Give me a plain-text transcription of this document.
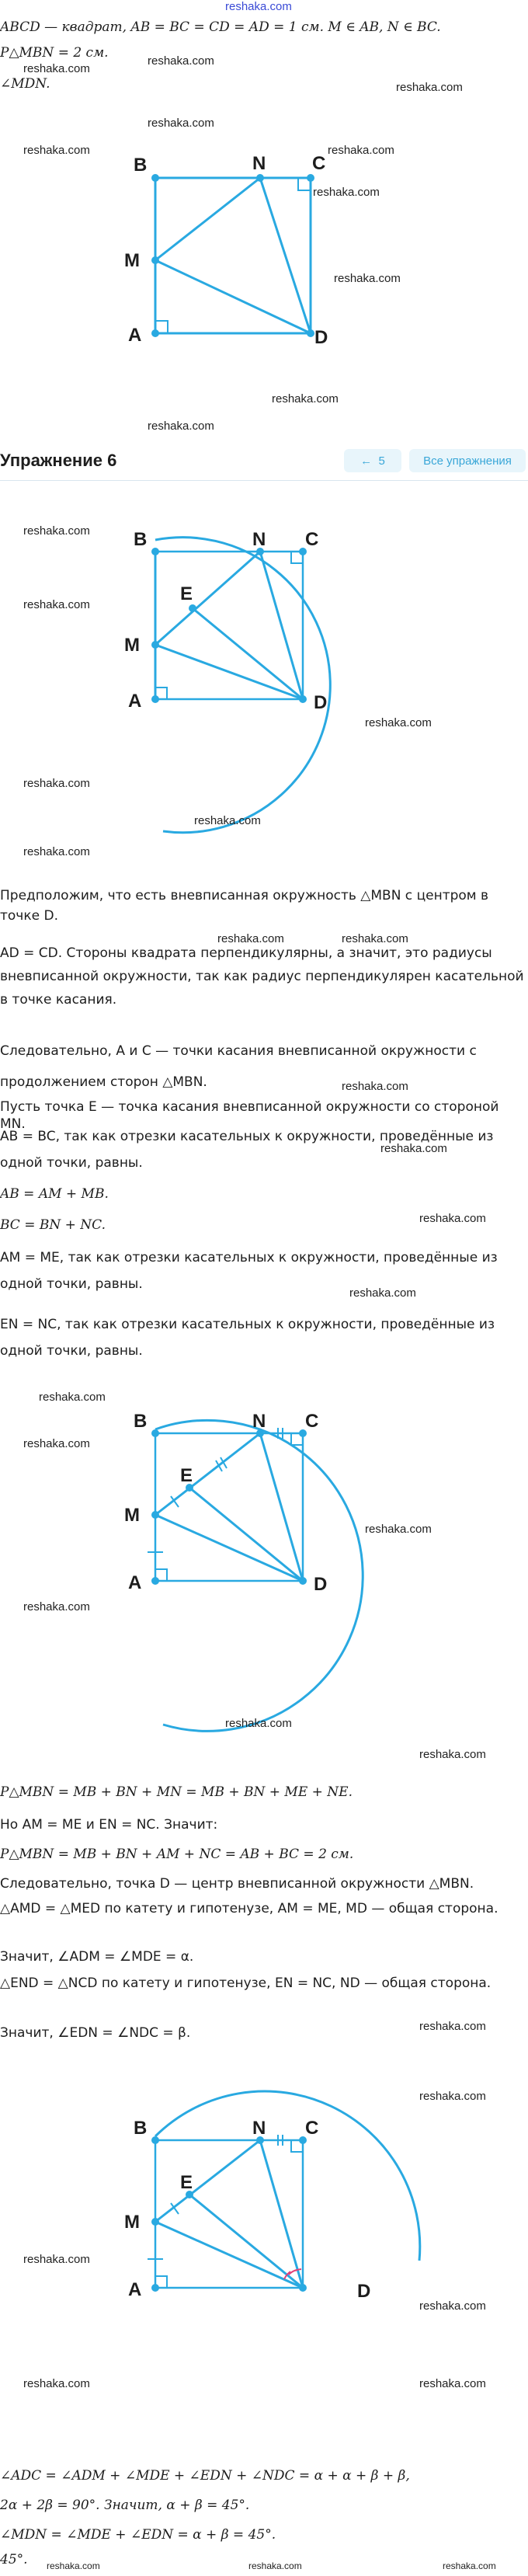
reshaka.com
ABCD — квадрат, AB = BC = CD = AD = 1 см. M ∈ AB, N ∈ BC.
P△MBN = 2 см.
∠MDN.
B	N C
M
A	D
Упражнение 6	← 5	Все упражнения
B	N C
E
M
A	D
Предположим, что есть вневписанная окружность △MBN с центром в точке D.
AD = CD. Стороны квадрата перпендикулярны, а значит, это радиусы вневписанной окружности, так как радиус перпендикулярен касательной в точке касания.
Следовательно, A и C — точки касания вневписанной окружности с продолжением сторон △MBN.
Пусть точка E — точка касания вневписанной окружности со стороной MN.
AB = BC, так как отрезки касательных к окружности, проведённые из одной точки, равны.
AB = AM + MB.
BC = BN + NC.
AM = ME, так как отрезки касательных к окружности, проведённые из одной точки, равны.
EN = NC, так как отрезки касательных к окружности, проведённые из одной точки, равны.
B	N C
E
M
A	D
P△MBN = MB + BN + MN = MB + BN + ME + NE.
Но AM = ME и EN = NC. Значит:
P△MBN = MB + BN + AM + NC = AB + BC = 2 см.
Следовательно, точка D — центр вневписанной окружности △MBN.
△AMD = △MED по катету и гипотенузе, AM = ME, MD — общая сторона.
Значит, ∠ADM = ∠MDE = α.
△END = △NCD по катету и гипотенузе, EN = NC, ND — общая сторона.
Значит, ∠EDN = ∠NDC = β.
B	N C
E
M
A	D
∠ADC = ∠ADM + ∠MDE + ∠EDN + ∠NDC = α + α + β + β,
2α + 2β = 90°. Значит, α + β = 45°.
∠MDN = ∠MDE + ∠EDN = α + β = 45°.
45°.
reshaka.com
reshaka.com
reshaka.com
reshaka.com
reshaka.com	reshaka.com
reshaka.com
reshaka.com
reshaka.com
reshaka.com
reshaka.com
reshaka.com
reshaka.com
reshaka.com
reshaka.com
reshaka.com
reshaka.com	reshaka.com
reshaka.com
reshaka.com
reshaka.com
reshaka.com
reshaka.com
reshaka.com
reshaka.com
reshaka.com
reshaka.com
reshaka.com
reshaka.com
reshaka.com
reshaka.com
reshaka.com
reshaka.com	reshaka.com
reshaka.com	reshaka.com	reshaka.com
